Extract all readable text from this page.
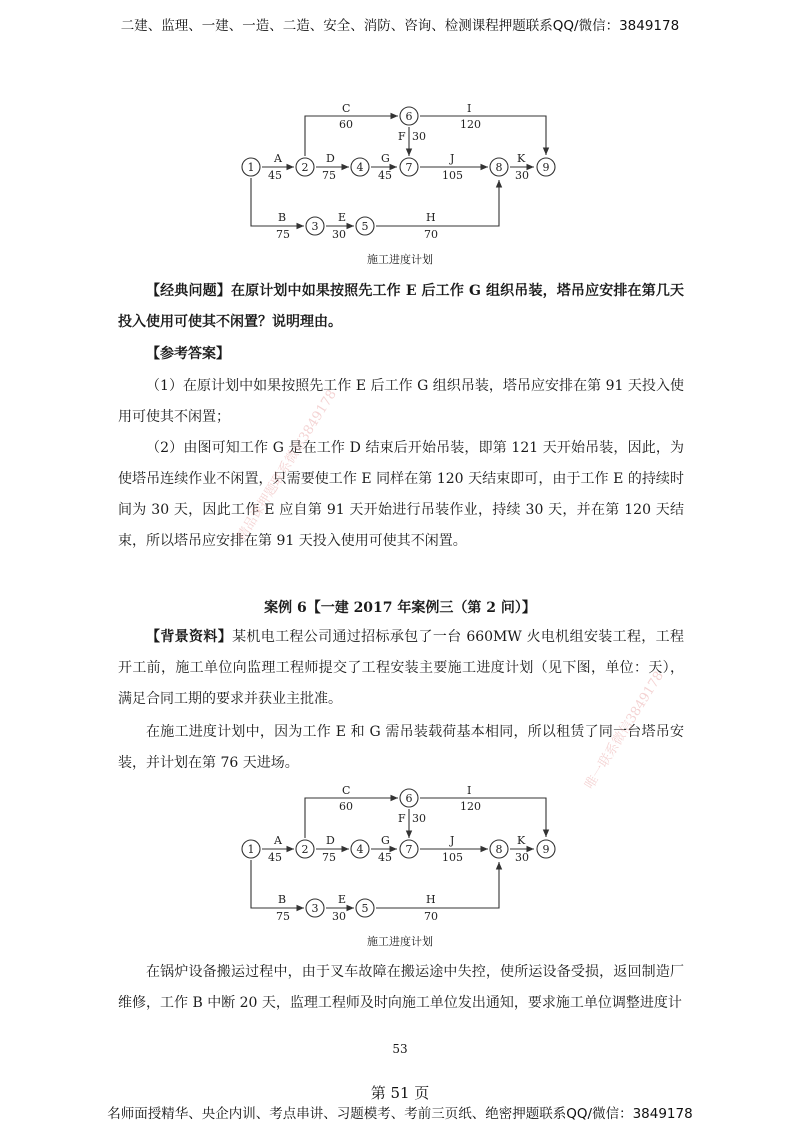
二建、监理、一建、一造、二造、安全、消防、咨询、检测课程押题联系QQ/微信：3849178
1	2
3
4
5
6
7	8	9
A
45
B
75
C
60
D
75
E
30
F 30
G
45
H
70
I
120
J
105
K
30
施工进度计划
【经典问题】在原计划中如果按照先工作 E 后工作 G 组织吊装，塔吊应安排在第几天投入使用可使其不闲置？说明理由。
【参考答案】
（1）在原计划中如果按照先工作 E 后工作 G 组织吊装，塔吊应安排在第 91 天投入使用可使其不闲置；
（2）由图可知工作 G 是在工作 D 结束后开始吊装，即第 121 天开始吊装，因此，为使塔吊连续作业不闲置，只需要使工作 E 同样在第 120 天结束即可，由于工作 E 的持续时间为 30 天，因此工作 E 应自第 91 天开始进行吊装作业，持续 30 天，并在第 120 天结束，所以塔吊应安排在第 91 天投入使用可使其不闲置。
案例 6【一建 2017 年案例三（第 2 问）】
【背景资料】某机电工程公司通过招标承包了一台 660MW 火电机组安装工程，工程开工前，施工单位向监理工程师提交了工程安装主要施工进度计划（见下图，单位：天），满足合同工期的要求并获业主批准。
在施工进度计划中，因为工作 E 和 G 需吊装载荷基本相同，所以租赁了同一台塔吊安装，并计划在第 76 天进场。
1	2
3
4
5
6
7	8	9
A
45
B
75
C
60
D
75
E
30
F 30
G
45
H
70
I
120
J
105
K
30
施工进度计划
在锅炉设备搬运过程中，由于叉车故障在搬运途中失控，使所运设备受损，返回制造厂维修，工作 B 中断 20 天，监理工程师及时向施工单位发出通知，要求施工单位调整进度计
53
第 51 页
名师面授精华、央企内训、考点串讲、习题模考、考前三页纸、绝密押题联系QQ/微信：3849178
精品课押题联系微信3849178
唯一联系微信3849178
